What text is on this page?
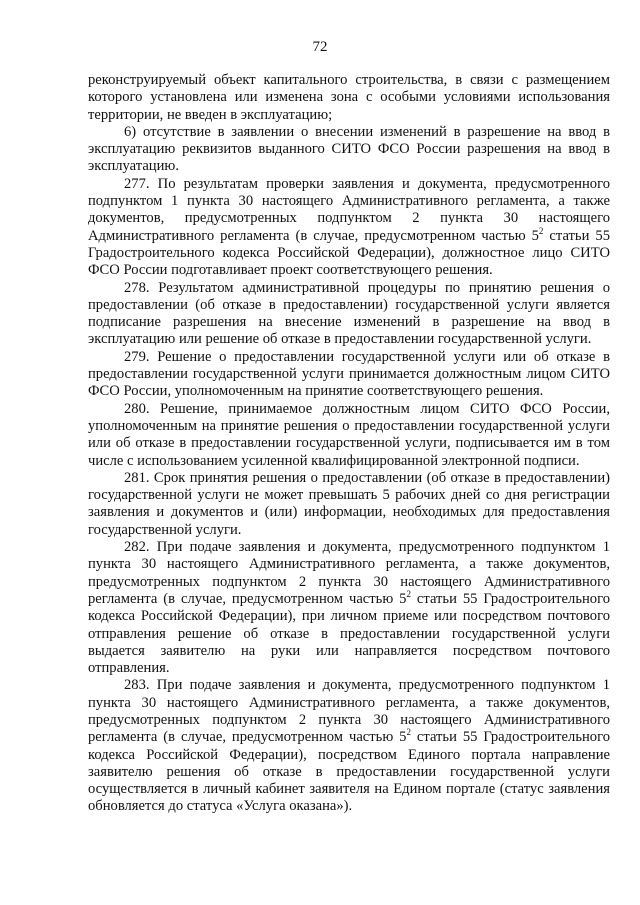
72

реконструируемый объект капитального строительства, в связи с размещением которого установлена или изменена зона с особыми условиями использования территории, не введен в эксплуатацию;

6) отсутствие в заявлении о внесении изменений в разрешение на ввод в эксплуатацию реквизитов выданного СИТО ФСО России разрешения на ввод в эксплуатацию.

277. По результатам проверки заявления и документа, предусмотренного подпунктом 1 пункта 30 настоящего Административного регламента, а также документов, предусмотренных подпунктом 2 пункта 30 настоящего Административного регламента (в случае, предусмотренном частью $5^2$ статьи 55 Градостроительного кодекса Российской Федерации), должностное лицо СИТО ФСО России подготавливает проект соответствующего решения.

278. Результатом административной процедуры по принятию решения о предоставлении (об отказе в предоставлении) государственной услуги является подписание разрешения на внесение изменений в разрешение на ввод в эксплуатацию или решение об отказе в предоставлении государственной услуги.

279. Решение о предоставлении государственной услуги или об отказе в предоставлении государственной услуги принимается должностным лицом СИТО ФСО России, уполномоченным на принятие соответствующего решения.

280. Решение, принимаемое должностным лицом СИТО ФСО России, уполномоченным на принятие решения о предоставлении государственной услуги или об отказе в предоставлении государственной услуги, подписывается им в том числе с использованием усиленной квалифицированной электронной подписи.

281. Срок принятия решения о предоставлении (об отказе в предоставлении) государственной услуги не может превышать 5 рабочих дней со дня регистрации заявления и документов и (или) информации, необходимых для предоставления государственной услуги.

282. При подаче заявления и документа, предусмотренного подпунктом 1 пункта 30 настоящего Административного регламента, а также документов, предусмотренных подпунктом 2 пункта 30 настоящего Административного регламента (в случае, предусмотренном частью $5^2$ статьи 55 Градостроительного кодекса Российской Федерации), при личном приеме или посредством почтового отправления решение об отказе в предоставлении государственной услуги выдается заявителю на руки или направляется посредством почтового отправления.

283. При подаче заявления и документа, предусмотренного подпунктом 1 пункта 30 настоящего Административного регламента, а также документов, предусмотренных подпунктом 2 пункта 30 настоящего Административного регламента (в случае, предусмотренном частью $5^2$ статьи 55 Градостроительного кодекса Российской Федерации), посредством Единого портала направление заявителю решения об отказе в предоставлении государственной услуги осуществляется в личный кабинет заявителя на Едином портале (статус заявления обновляется до статуса «Услуга оказана»).
